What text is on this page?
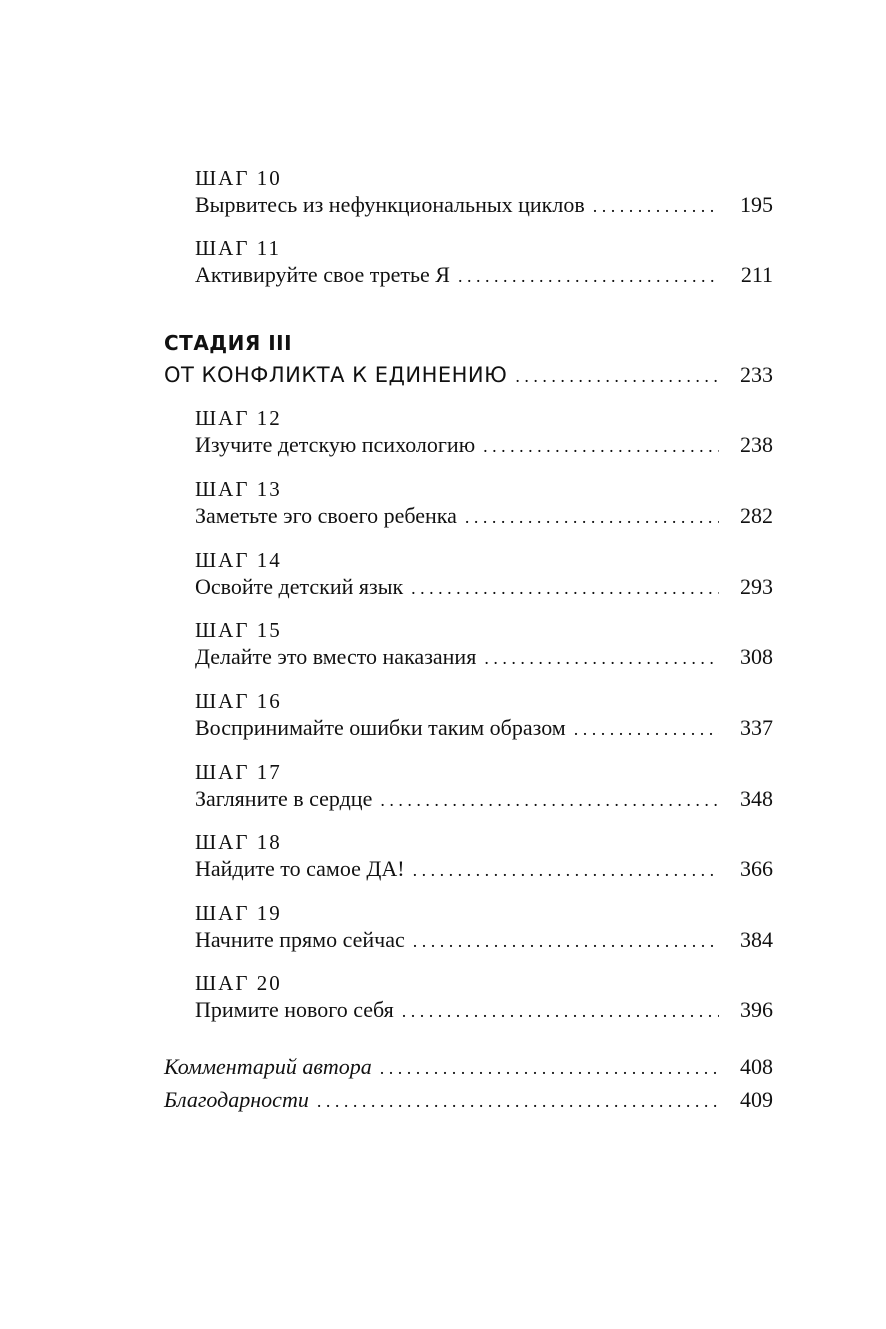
ШАГ 10
Вырвитесь из нефункциональных циклов . . .	195
ШАГ 11
Активируйте свое третье Я . . .	211
СТАДИЯ III
ОТ КОНФЛИКТА К ЕДИНЕНИЮ . . .	233
ШАГ 12
Изучите детскую психологию . . .	238
ШАГ 13
Заметьте эго своего ребенка . . .	282
ШАГ 14
Освойте детский язык . . .	293
ШАГ 15
Делайте это вместо наказания . . .	308
ШАГ 16
Воспринимайте ошибки таким образом . . .	337
ШАГ 17
Загляните в сердце . . .	348
ШАГ 18
Найдите то самое ДА! . . .	366
ШАГ 19
Начните прямо сейчас . . .	384
ШАГ 20
Примите нового себя . . .	396
Комментарий автора . . .	408
Благодарности . . .	409
